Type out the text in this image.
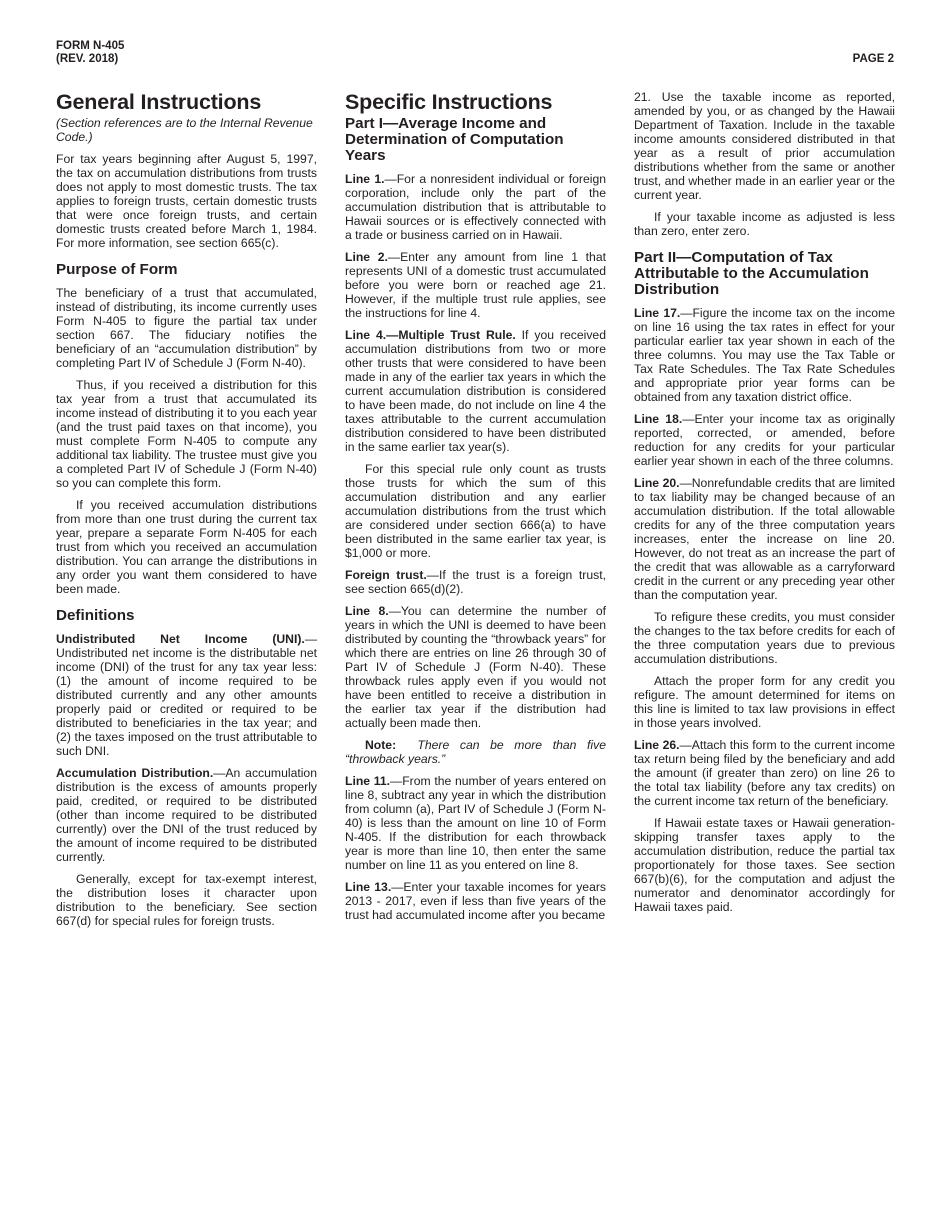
FORM N-405
(REV. 2018)	PAGE 2
General Instructions
(Section references are to the Internal Revenue Code.)

For tax years beginning after August 5, 1997, the tax on accumulation distributions from trusts does not apply to most domestic trusts. The tax applies to foreign trusts, certain domestic trusts that were once foreign trusts, and certain domestic trusts created before March 1, 1984. For more information, see section 665(c).

Purpose of Form

The beneficiary of a trust that accumulated, instead of distributing, its income currently uses Form N-405 to figure the partial tax under section 667. The fiduciary notifies the beneficiary of an “accumulation distribution” by completing Part IV of Schedule J (Form N-40).

Thus, if you received a distribution for this tax year from a trust that accumulated its income instead of distributing it to you each year (and the trust paid taxes on that income), you must complete Form N-405 to compute any additional tax liability. The trustee must give you a completed Part IV of Schedule J (Form N-40) so you can complete this form.

If you received accumulation distributions from more than one trust during the current tax year, prepare a separate Form N-405 for each trust from which you received an accumulation distribution. You can arrange the distributions in any order you want them considered to have been made.

Definitions

Undistributed Net Income (UNI).— Undistributed net income is the distributable net income (DNI) of the trust for any tax year less: (1) the amount of income required to be distributed currently and any other amounts properly paid or credited or required to be distributed to beneficiaries in the tax year; and (2) the taxes imposed on the trust attributable to such DNI.

Accumulation Distribution.—An accumulation distribution is the excess of amounts properly paid, credited, or required to be distributed (other than income required to be distributed currently) over the DNI of the trust reduced by the amount of income required to be distributed currently.

Generally, except for tax-exempt interest, the distribution loses it character upon distribution to the beneficiary. See section 667(d) for special rules for foreign trusts.

Specific Instructions
Part I—Average Income and Determination of Computation Years

Line 1.—For a nonresident individual or foreign corporation, include only the part of the accumulation distribution that is attributable to Hawaii sources or is effectively connected with a trade or business carried on in Hawaii.

Line 2.—Enter any amount from line 1 that represents UNI of a domestic trust accumulated before you were born or reached age 21. However, if the multiple trust rule applies, see the instructions for line 4.

Line 4.—Multiple Trust Rule. If you received accumulation distributions from two or more other trusts that were considered to have been made in any of the earlier tax years in which the current accumulation distribution is considered to have been made, do not include on line 4 the taxes attributable to the current accumulation distribution considered to have been distributed in the same earlier tax year(s).

For this special rule only count as trusts those trusts for which the sum of this accumulation distribution and any earlier accumulation distributions from the trust which are considered under section 666(a) to have been distributed in the same earlier tax year, is $1,000 or more.

Foreign trust.—If the trust is a foreign trust, see section 665(d)(2).

Line 8.—You can determine the number of years in which the UNI is deemed to have been distributed by counting the “throwback years” for which there are entries on line 26 through 30 of Part IV of Schedule J (Form N-40). These throwback rules apply even if you would not have been entitled to receive a distribution in the earlier tax year if the distribution had actually been made then.

Note: There can be more than five “throwback years.”

Line 11.—From the number of years entered on line 8, subtract any year in which the distribution from column (a), Part IV of Schedule J (Form N-40) is less than the amount on line 10 of Form N-405. If the distribution for each throwback year is more than line 10, then enter the same number on line 11 as you entered on line 8.

Line 13.—Enter your taxable incomes for years 2013 - 2017, even if less than five years of the trust had accumulated income after you became

21. Use the taxable income as reported, amended by you, or as changed by the Hawaii Department of Taxation. Include in the taxable income amounts considered distributed in that year as a result of prior accumulation distributions whether from the same or another trust, and whether made in an earlier year or the current year.

If your taxable income as adjusted is less than zero, enter zero.

Part II—Computation of Tax Attributable to the Accumulation Distribution

Line 17.—Figure the income tax on the income on line 16 using the tax rates in effect for your particular earlier tax year shown in each of the three columns. You may use the Tax Table or Tax Rate Schedules. The Tax Rate Schedules and appropriate prior year forms can be obtained from any taxation district office.

Line 18.—Enter your income tax as originally reported, corrected, or amended, before reduction for any credits for your particular earlier year shown in each of the three columns.

Line 20.—Nonrefundable credits that are limited to tax liability may be changed because of an accumulation distribution. If the total allowable credits for any of the three computation years increases, enter the increase on line 20. However, do not treat as an increase the part of the credit that was allowable as a carryforward credit in the current or any preceding year other than the computation year.

To refigure these credits, you must consider the changes to the tax before credits for each of the three computation years due to previous accumulation distributions.

Attach the proper form for any credit you refigure. The amount determined for items on this line is limited to tax law provisions in effect in those years involved.

Line 26.—Attach this form to the current income tax return being filed by the beneficiary and add the amount (if greater than zero) on line 26 to the total tax liability (before any tax credits) on the current income tax return of the beneficiary.

If Hawaii estate taxes or Hawaii generation-skipping transfer taxes apply to the accumulation distribution, reduce the partial tax proportionately for those taxes. See section 667(b)(6), for the computation and adjust the numerator and denominator accordingly for Hawaii taxes paid.
